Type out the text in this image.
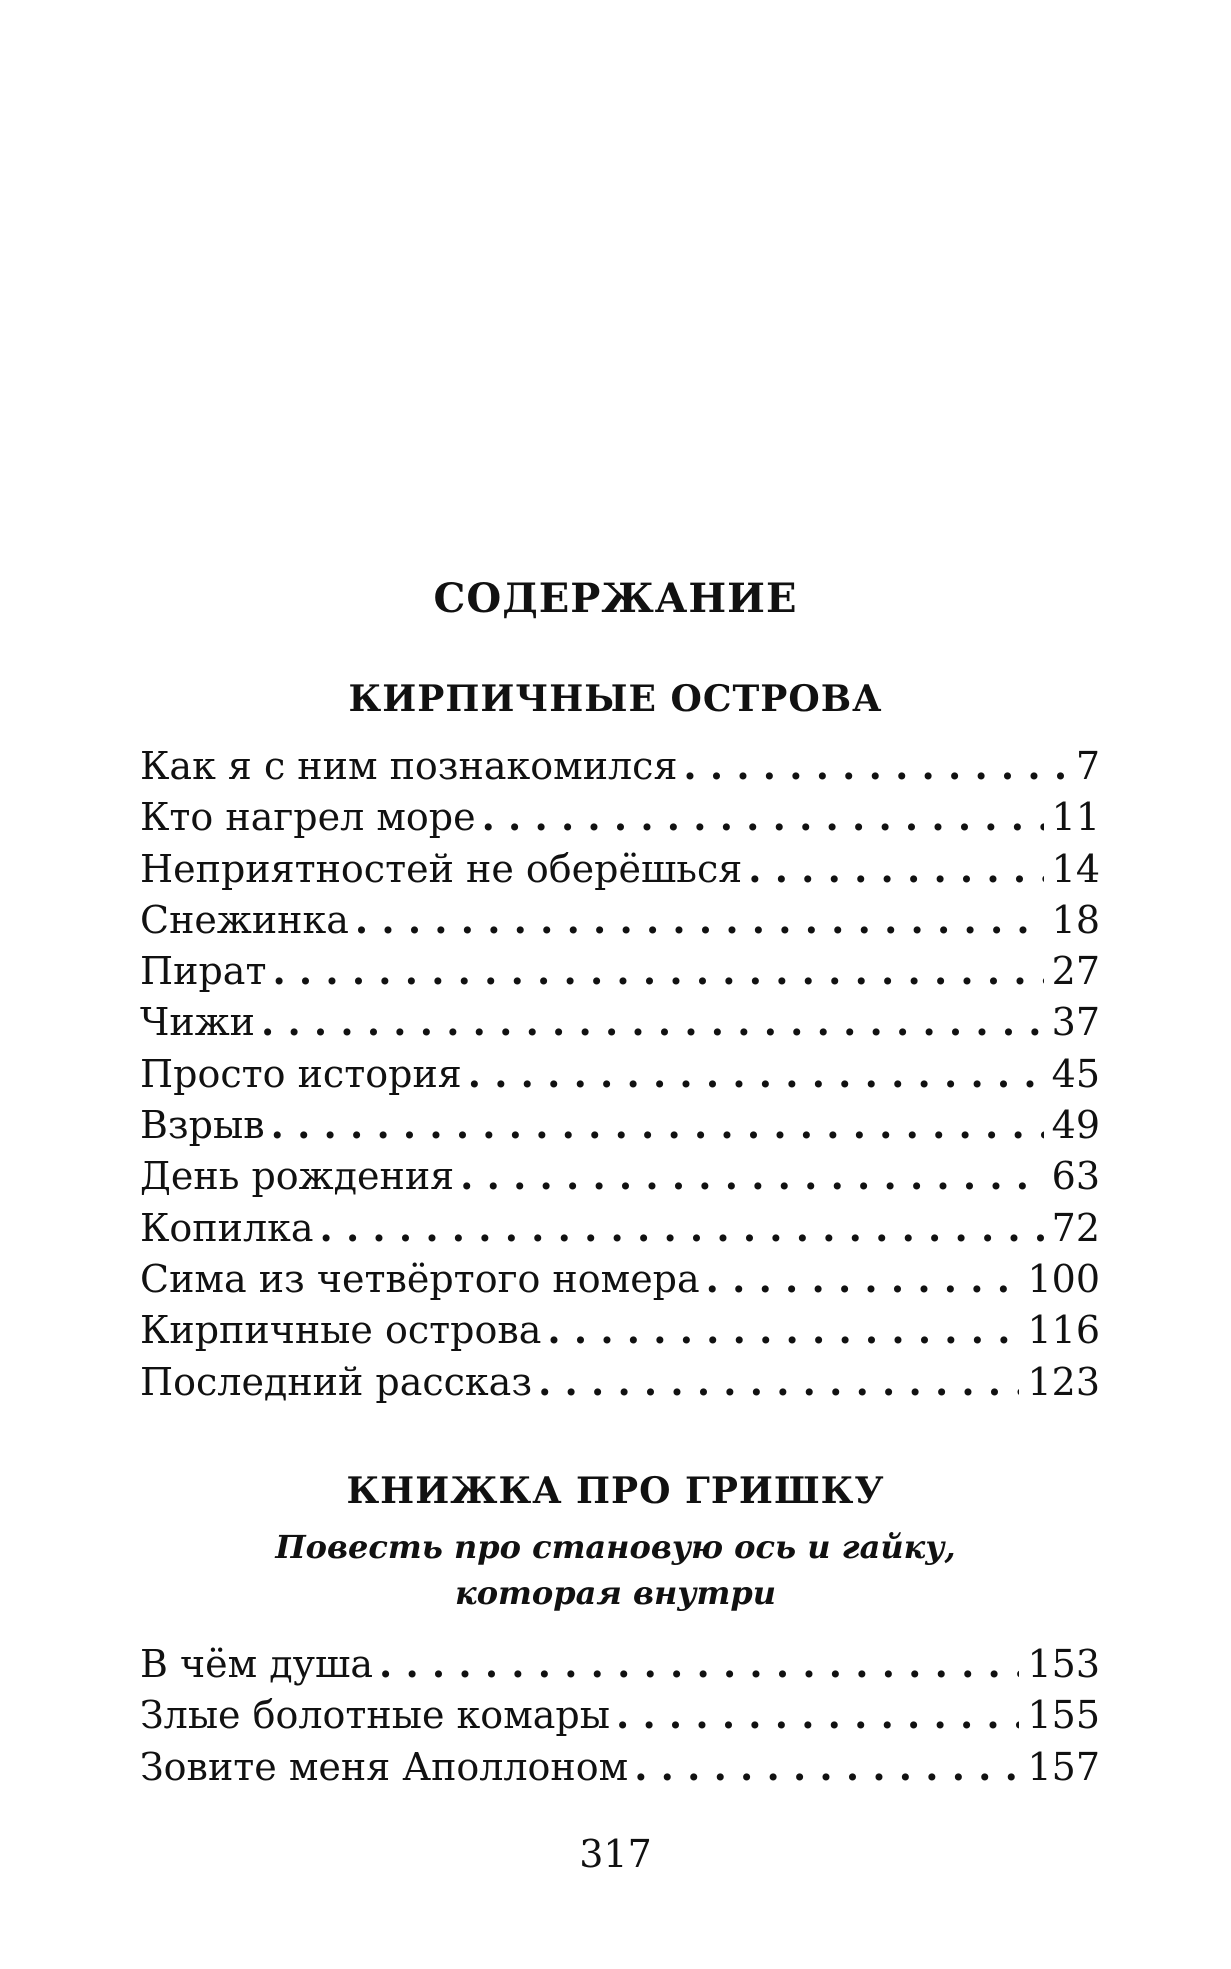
СОДЕРЖАНИЕ
КИРПИЧНЫЕ ОСТРОВА
Как я с ним познакомился . . .	7
Кто нагрел море . . .	11
Неприятностей не оберёшься . . .	14
Снежинка . . .	18
Пират . . .	27
Чижи . . .	37
Просто история . . .	45
Взрыв . . .	49
День рождения . . .	63
Копилка . . .	72
Сима из четвёртого номера . . .	100
Кирпичные острова . . .	116
Последний рассказ . . .	123
КНИЖКА ПРО ГРИШКУ
Повесть про становую ось и гайку,
которая внутри
В чём душа . . .	153
Злые болотные комары . . .	155
Зовите меня Аполлоном . . .	157
317
